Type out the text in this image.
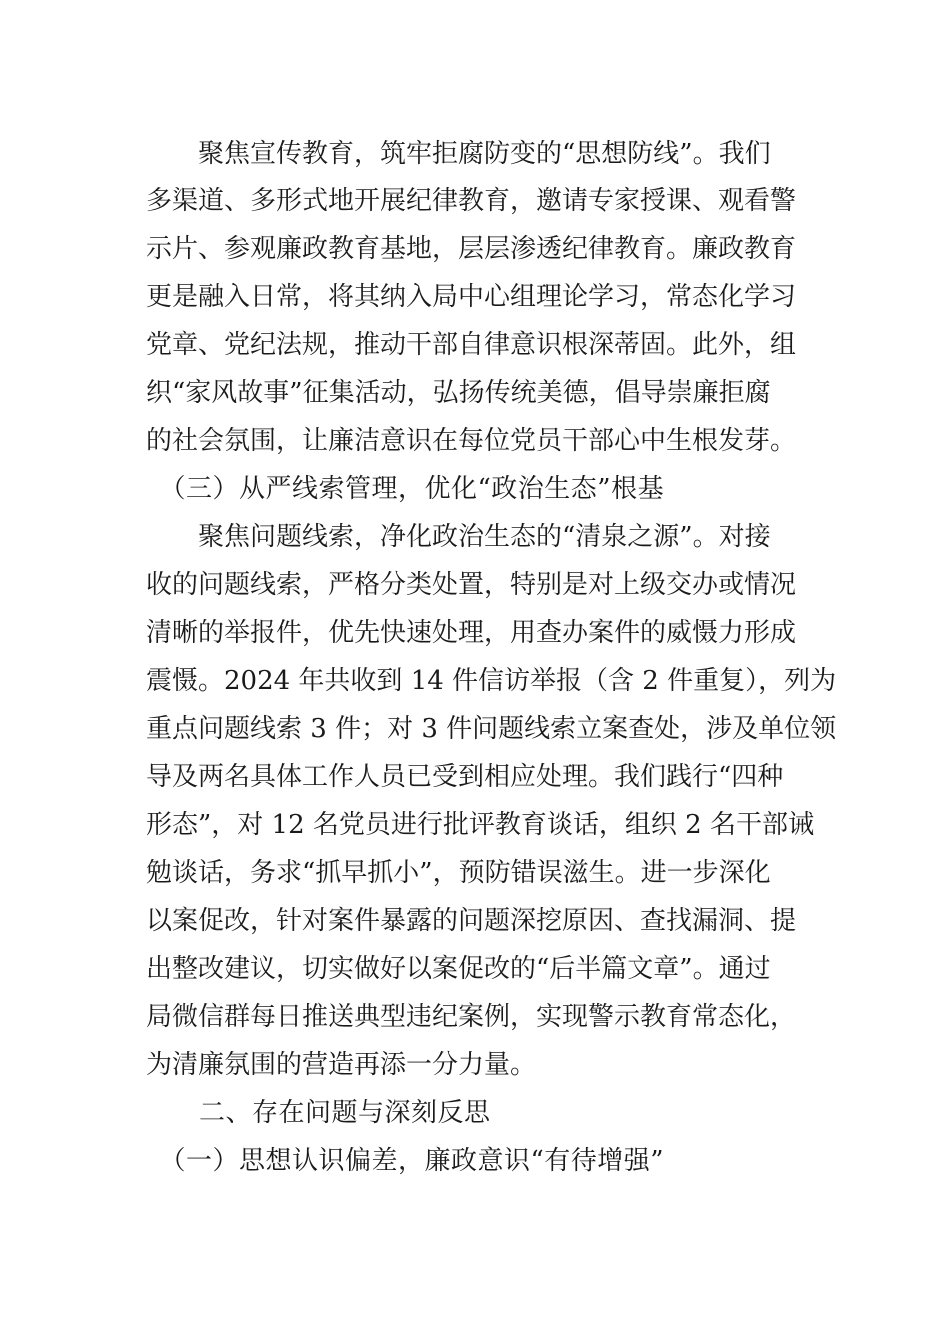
　　聚焦宣传教育，筑牢拒腐防变的“思想防线”。我们
多渠道、多形式地开展纪律教育，邀请专家授课、观看警
示片、参观廉政教育基地，层层渗透纪律教育。廉政教育
更是融入日常，将其纳入局中心组理论学习，常态化学习
党章、党纪法规，推动干部自律意识根深蒂固。此外，组
织“家风故事”征集活动，弘扬传统美德，倡导崇廉拒腐
的社会氛围，让廉洁意识在每位党员干部心中生根发芽。
　（三）从严线索管理，优化“政治生态”根基
　　聚焦问题线索，净化政治生态的“清泉之源”。对接
收的问题线索，严格分类处置，特别是对上级交办或情况
清晰的举报件，优先快速处理，用查办案件的威慑力形成
震慑。2024 年共收到 14 件信访举报（含 2 件重复），列为
重点问题线索 3 件；对 3 件问题线索立案查处，涉及单位领
导及两名具体工作人员已受到相应处理。我们践行“四种
形态”，对 12 名党员进行批评教育谈话，组织 2 名干部诫
勉谈话，务求“抓早抓小”，预防错误滋生。进一步深化
以案促改，针对案件暴露的问题深挖原因、查找漏洞、提
出整改建议，切实做好以案促改的“后半篇文章”。通过
局微信群每日推送典型违纪案例，实现警示教育常态化，
为清廉氛围的营造再添一分力量。
　　二、存在问题与深刻反思
　（一）思想认识偏差，廉政意识“有待增强”
